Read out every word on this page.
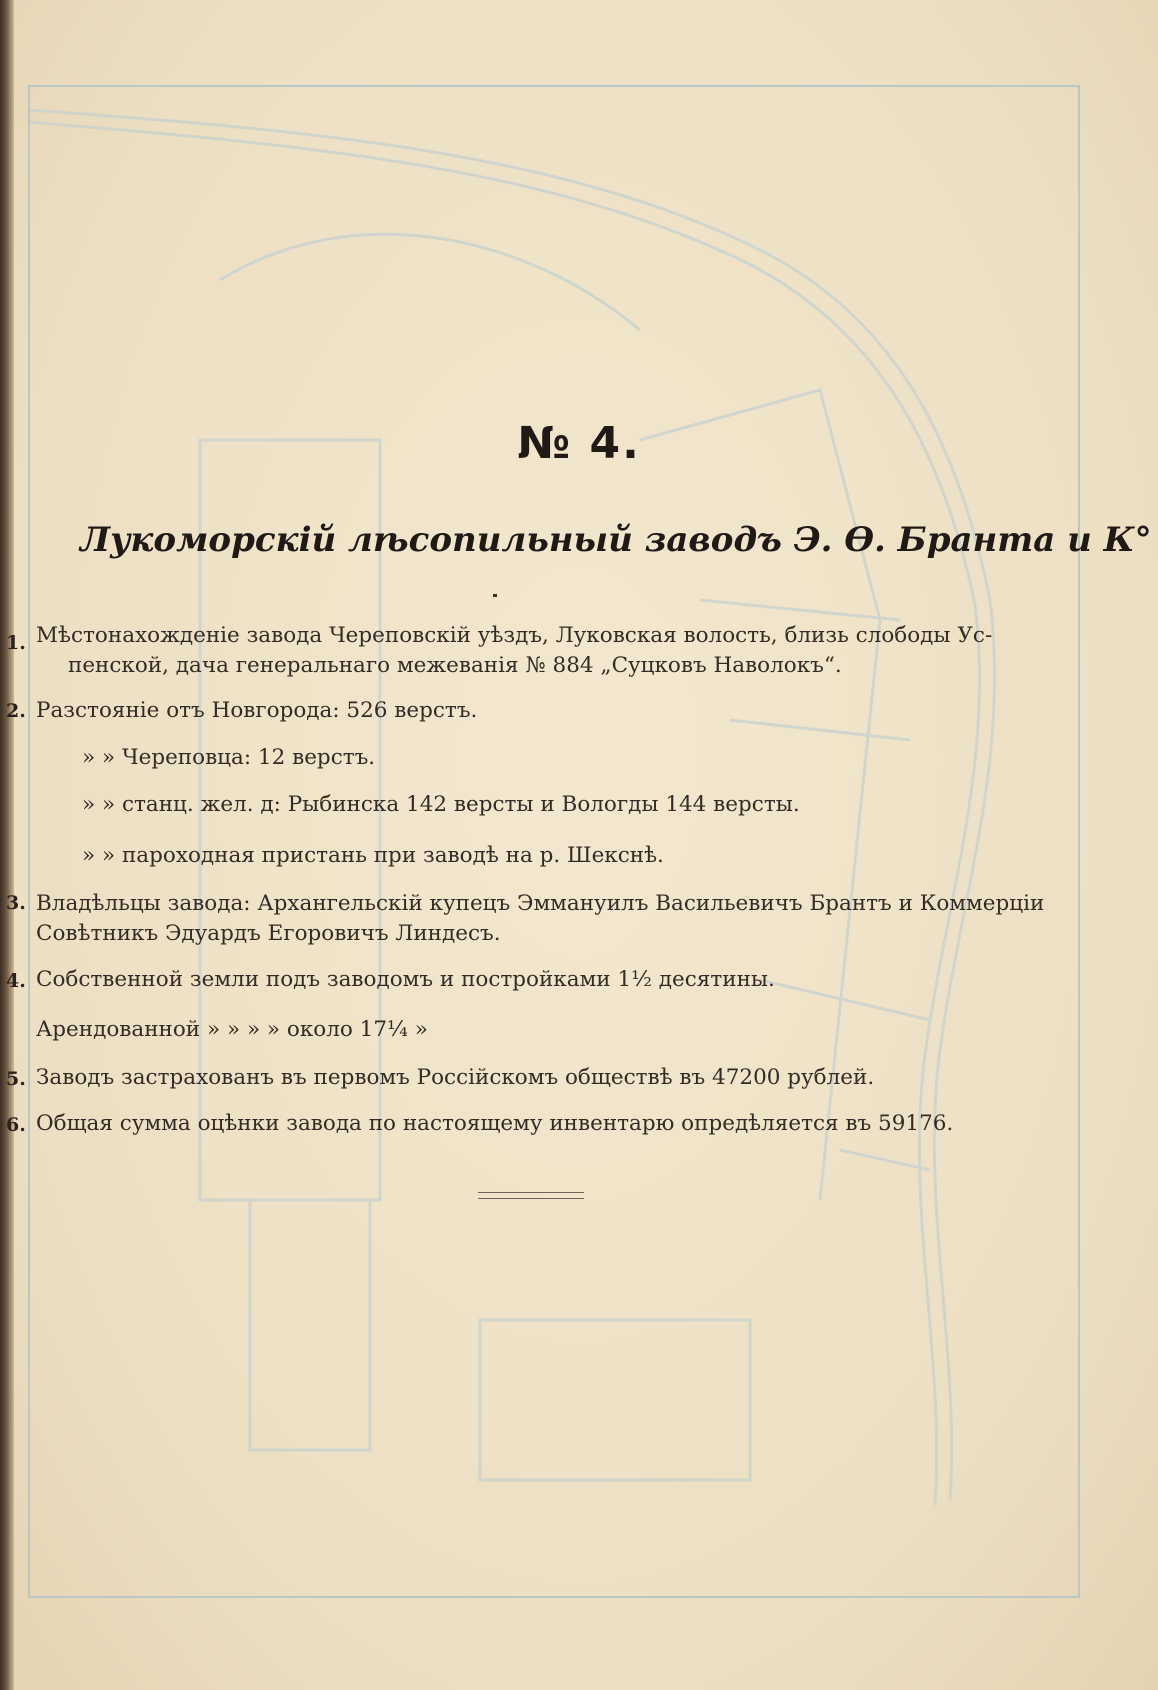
№ 4.
Лукоморскій лѣсопильный заводъ Э. Ѳ. Бранта и К°
1. Мѣстонахожденіе завода Череповскій уѣздъ, Луковская волость, близь слободы Ус-
пенской, дача генеральнаго межеванія № 884 „Суцковъ Наволокъ“.
2. Разстояніе отъ Новгорода: 526 верстъ.
» » Череповца: 12 верстъ.
» » станц. жел. д: Рыбинска 142 версты и Вологды 144 версты.
» » пароходная пристань при заводѣ на р. Шекснѣ.
3. Владѣльцы завода: Архангельскій купецъ Эммануилъ Васильевичъ Брантъ и Коммерціи
Совѣтникъ Эдуардъ Егоровичъ Линдесъ.
4. Собственной земли подъ заводомъ и постройками 1½ десятины.
Арендованной » » » » около 17¼ »
5. Заводъ застрахованъ въ первомъ Россійскомъ обществѣ въ 47200 рублей.
6. Общая сумма оцѣнки завода по настоящему инвентарю опредѣляется въ 59176.
